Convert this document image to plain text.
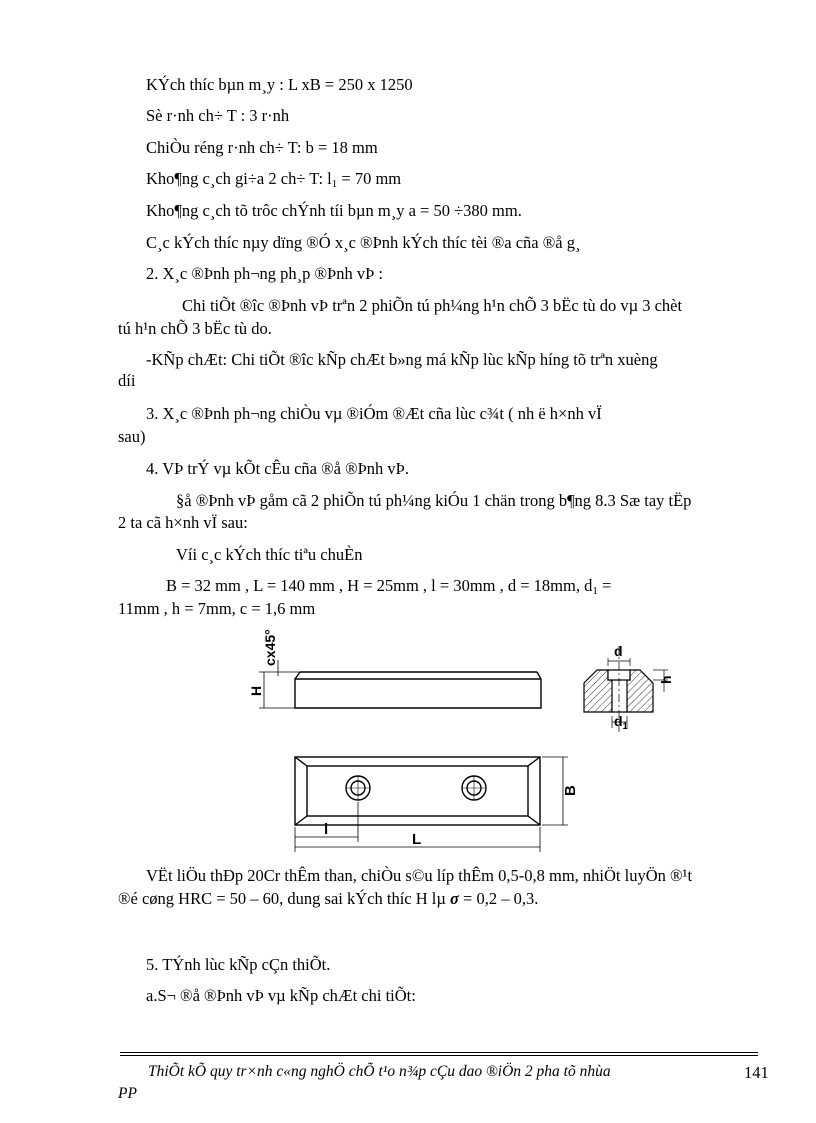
KÝch thíc bµn m¸y : L xB = 250 x 1250
Sè r·nh ch÷ T : 3 r·nh
ChiÒu réng r·nh ch÷ T: b = 18 mm
Kho¶ng c¸ch gi÷a 2 ch÷ T: $l_1 = 70$ mm
Kho¶ng c¸ch tõ trôc chÝnh tíi bµn m¸y a = 50 ÷380 mm.
C¸c kÝch thíc nµy dïng ®Ó x¸c ®Þnh kÝch thíc tèi ®a cña ®å g¸
2. X¸c ®Þnh ph¬ng ph¸p ®Þnh vÞ :
Chi tiÕt ®îc ®Þnh vÞ trªn 2 phiÕn tú ph¼ng h¹n chÕ 3 bËc tù do vµ 3 chèt
tú h¹n chÕ 3 bËc tù do.
-KÑp chÆt: Chi tiÕt ®îc kÑp chÆt b»ng má kÑp lùc kÑp híng tõ trªn xuèng
díi
3. X¸c ®Þnh ph¬ng chiÒu vµ ®iÓm ®Æt cña lùc c¾t ( nh ë h×nh vÏ
sau)
4. VÞ trÝ vµ kÕt cÊu cña ®å ®Þnh vÞ.
§å ®Þnh vÞ gåm cã 2 phiÕn tú ph¼ng kiÓu 1 chän trong b¶ng 8.3 Sæ tay tËp
2 ta cã h×nh vÏ sau:
Víi c¸c kÝch thíc tiªu chuÈn
B = 32 mm , L = 140 mm , H = 25mm , l = 30mm , d = 18mm, $d_1$ =
11mm , h = 7mm, c = 1,6 mm
cx45°
H
d
h
$d_1$
B
l
L
VËt liÖu thÐp 20Cr thÊm than, chiÒu s©u líp thÊm 0,5-0,8 mm, nhiÖt luyÖn ®¹t
®é cøng HRC = 50 – 60, dung sai kÝch thíc H lµ σ = 0,2 – 0,3.
5. TÝnh lùc kÑp cÇn thiÕt.
a.S¬ ®å ®Þnh vÞ vµ kÑp chÆt chi tiÕt:
ThiÕt kÕ quy tr×nh c«ng nghÖ chÕ t¹o n¾p cÇu dao ®iÖn 2 pha tõ nhùa
PP
141
